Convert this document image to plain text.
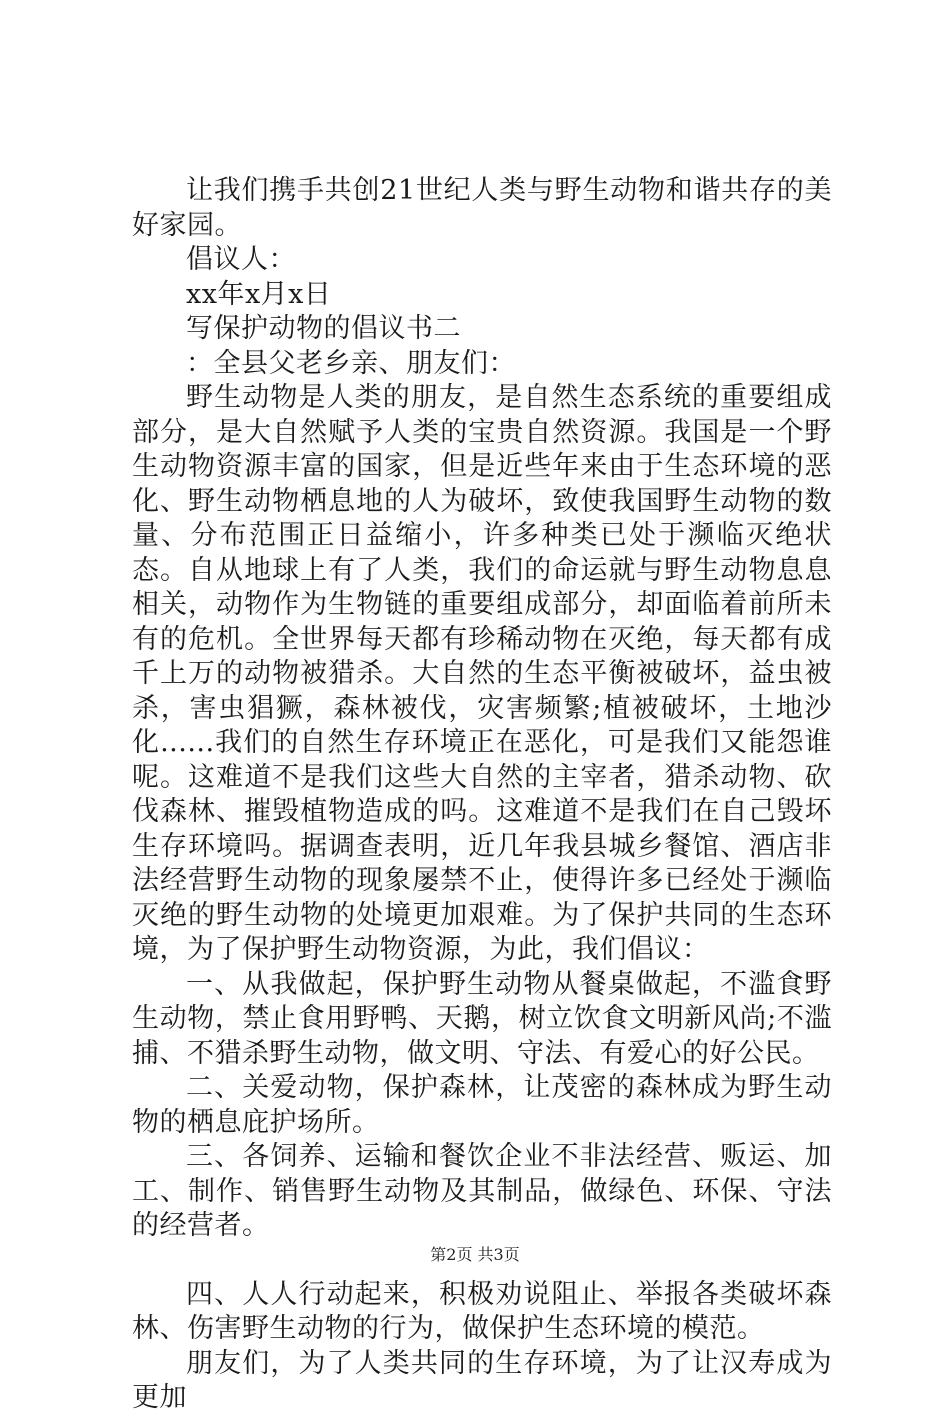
让我们携手共创21世纪人类与野生动物和谐共存的美好家园。

倡议人：

xx年x月x日

写保护动物的倡议书二

：全县父老乡亲、朋友们：

野生动物是人类的朋友，是自然生态系统的重要组成部分，是大自然赋予人类的宝贵自然资源。我国是一个野生动物资源丰富的国家，但是近些年来由于生态环境的恶化、野生动物栖息地的人为破坏，致使我国野生动物的数量、分布范围正日益缩小，许多种类已处于濒临灭绝状态。自从地球上有了人类，我们的命运就与野生动物息息相关，动物作为生物链的重要组成部分，却面临着前所未有的危机。全世界每天都有珍稀动物在灭绝，每天都有成千上万的动物被猎杀。大自然的生态平衡被破坏，益虫被杀，害虫猖獗，森林被伐，灾害频繁;植被破坏，土地沙化......我们的自然生存环境正在恶化，可是我们又能怨谁呢。这难道不是我们这些大自然的主宰者，猎杀动物、砍伐森林、摧毁植物造成的吗。这难道不是我们在自己毁坏生存环境吗。据调查表明，近几年我县城乡餐馆、酒店非法经营野生动物的现象屡禁不止，使得许多已经处于濒临灭绝的野生动物的处境更加艰难。为了保护共同的生态环境，为了保护野生动物资源，为此，我们倡议：

一、从我做起，保护野生动物从餐桌做起，不滥食野生动物，禁止食用野鸭、天鹅，树立饮食文明新风尚;不滥捕、不猎杀野生动物，做文明、守法、有爱心的好公民。

二、关爱动物，保护森林，让茂密的森林成为野生动物的栖息庇护场所。

三、各饲养、运输和餐饮企业不非法经营、贩运、加工、制作、销售野生动物及其制品，做绿色、环保、守法的经营者。

四、人人行动起来，积极劝说阻止、举报各类破坏森林、伤害野生动物的行为，做保护生态环境的模范。

朋友们，为了人类共同的生存环境，为了让汉寿成为更加

第2页 共3页
